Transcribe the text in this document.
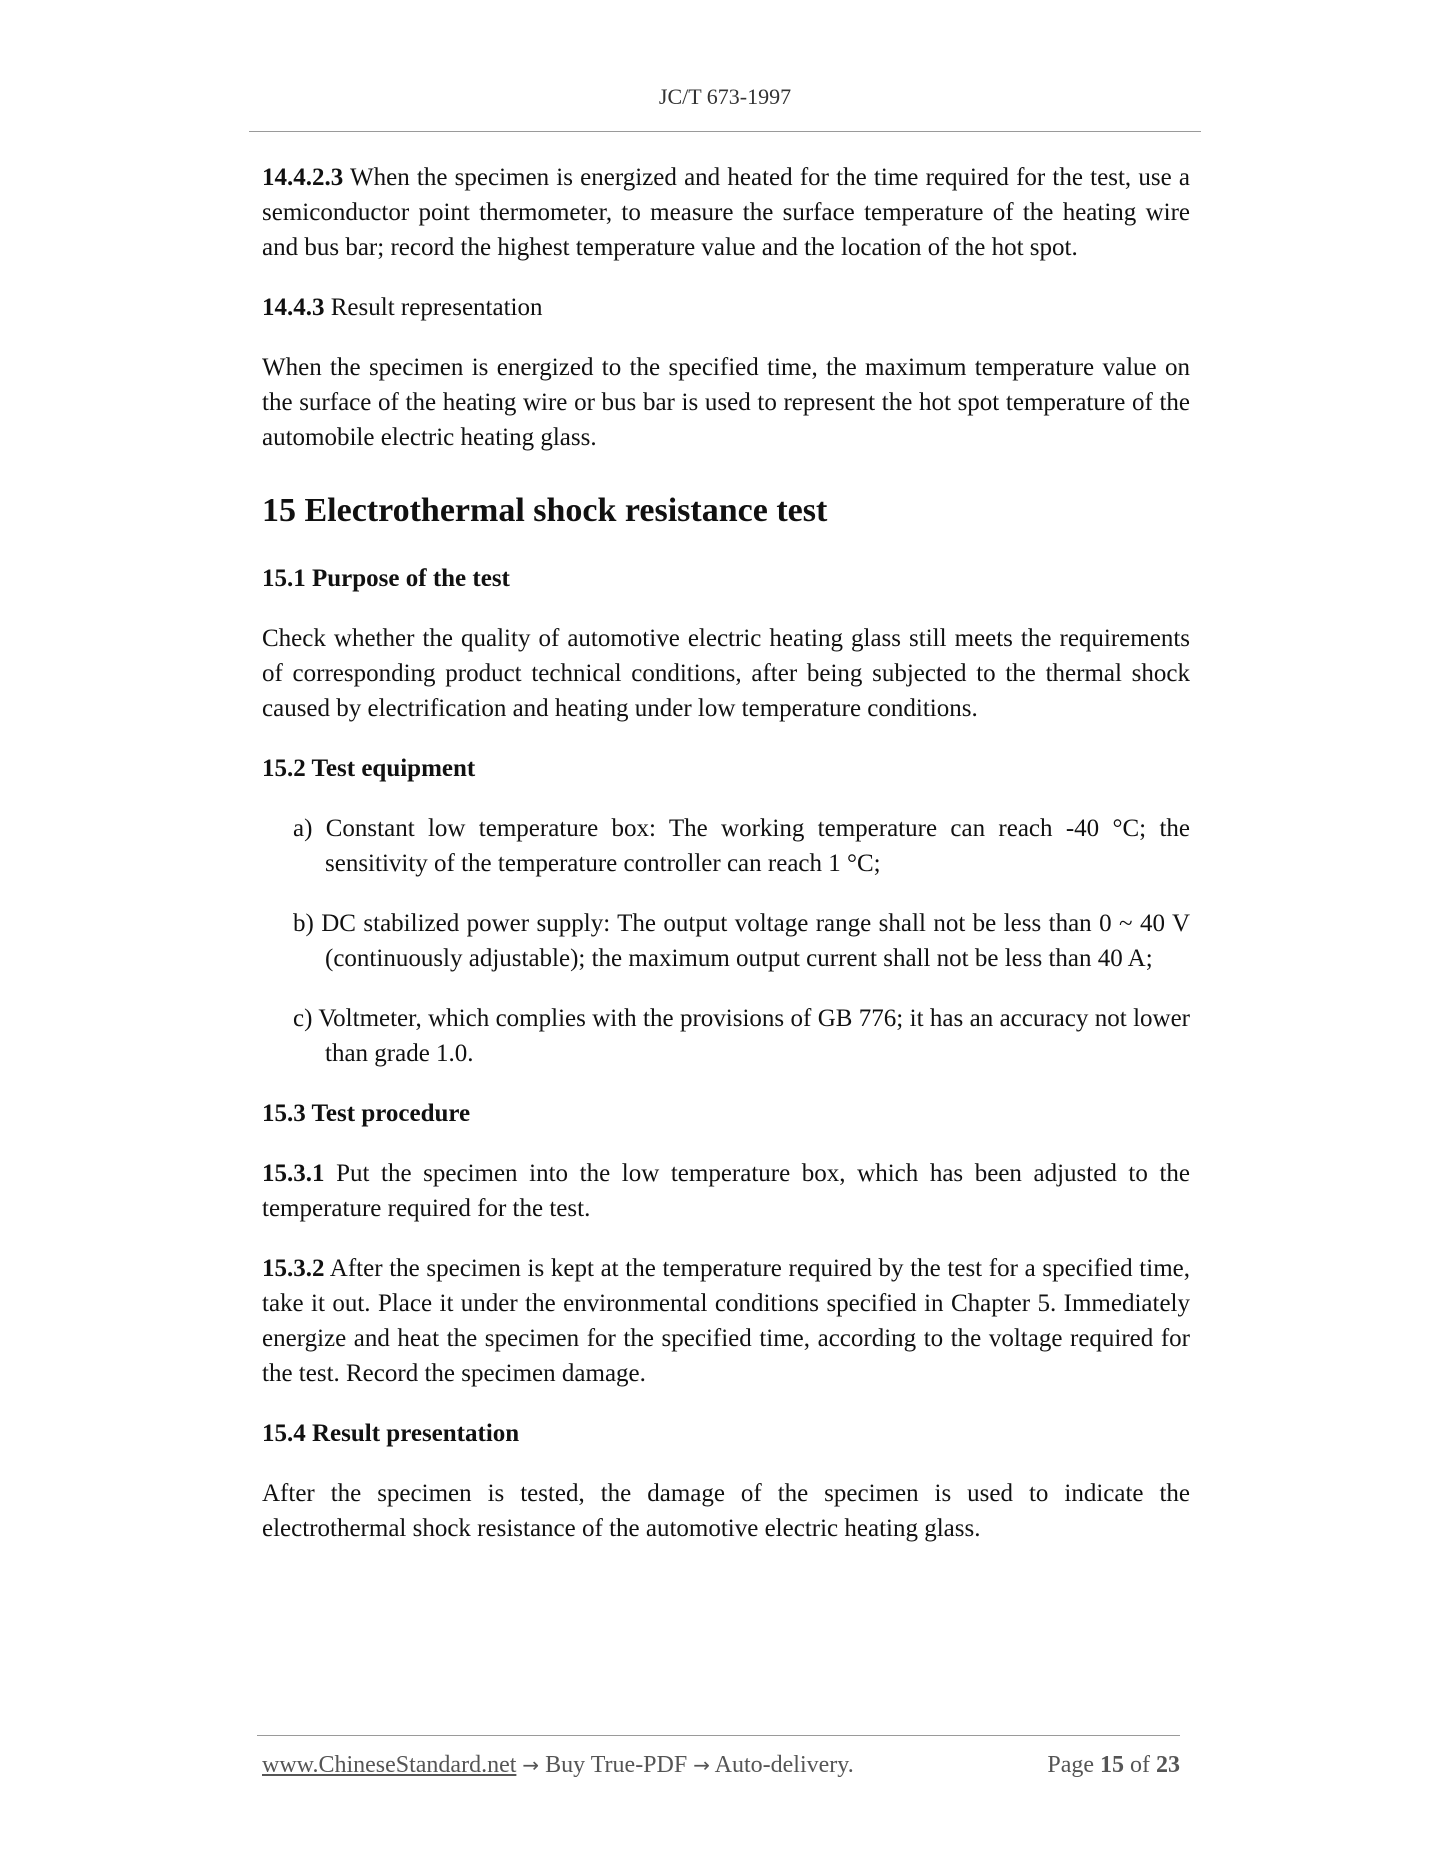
JC/T 673-1997

14.4.2.3 When the specimen is energized and heated for the time required for the test, use a semiconductor point thermometer, to measure the surface temperature of the heating wire and bus bar; record the highest temperature value and the location of the hot spot.

14.4.3 Result representation

When the specimen is energized to the specified time, the maximum temperature value on the surface of the heating wire or bus bar is used to represent the hot spot temperature of the automobile electric heating glass.

15 Electrothermal shock resistance test
15.1 Purpose of the test

Check whether the quality of automotive electric heating glass still meets the requirements of corresponding product technical conditions, after being subjected to the thermal shock caused by electrification and heating under low temperature conditions.

15.2 Test equipment

a) Constant low temperature box: The working temperature can reach -40 °C; the sensitivity of the temperature controller can reach 1 °C;

b) DC stabilized power supply: The output voltage range shall not be less than 0 ~ 40 V (continuously adjustable); the maximum output current shall not be less than 40 A;

c) Voltmeter, which complies with the provisions of GB 776; it has an accuracy not lower than grade 1.0.

15.3 Test procedure

15.3.1 Put the specimen into the low temperature box, which has been adjusted to the temperature required for the test.

15.3.2 After the specimen is kept at the temperature required by the test for a specified time, take it out. Place it under the environmental conditions specified in Chapter 5. Immediately energize and heat the specimen for the specified time, according to the voltage required for the test. Record the specimen damage.

15.4 Result presentation

After the specimen is tested, the damage of the specimen is used to indicate the electrothermal shock resistance of the automotive electric heating glass.

www.ChineseStandard.net → Buy True-PDF → Auto-delivery.	Page 15 of 23
